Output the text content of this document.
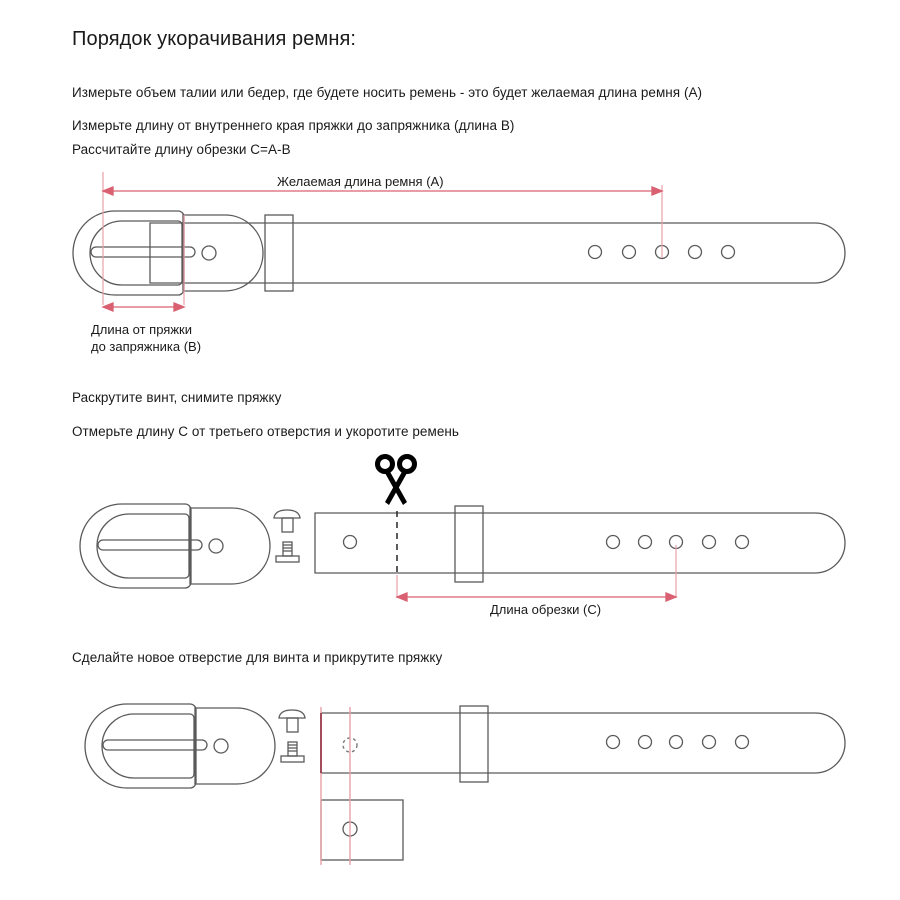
Порядок укорачивания ремня:
Измерьте объем талии или бедер, где будете носить ремень - это будет желаемая длина ремня (A)
Измерьте длину от внутреннего края пряжки до запряжника (длина B)
Рассчитайте длину обрезки C=A-B
Раскрутите винт, снимите пряжку
Отмерьте длину C от третьего отверстия и укоротите ремень
Сделайте новое отверстие для винта и прикрутите пряжку
Желаемая длина ремня (A)
Длина от пряжки
до запряжника (B)
Длина обрезки (C)
